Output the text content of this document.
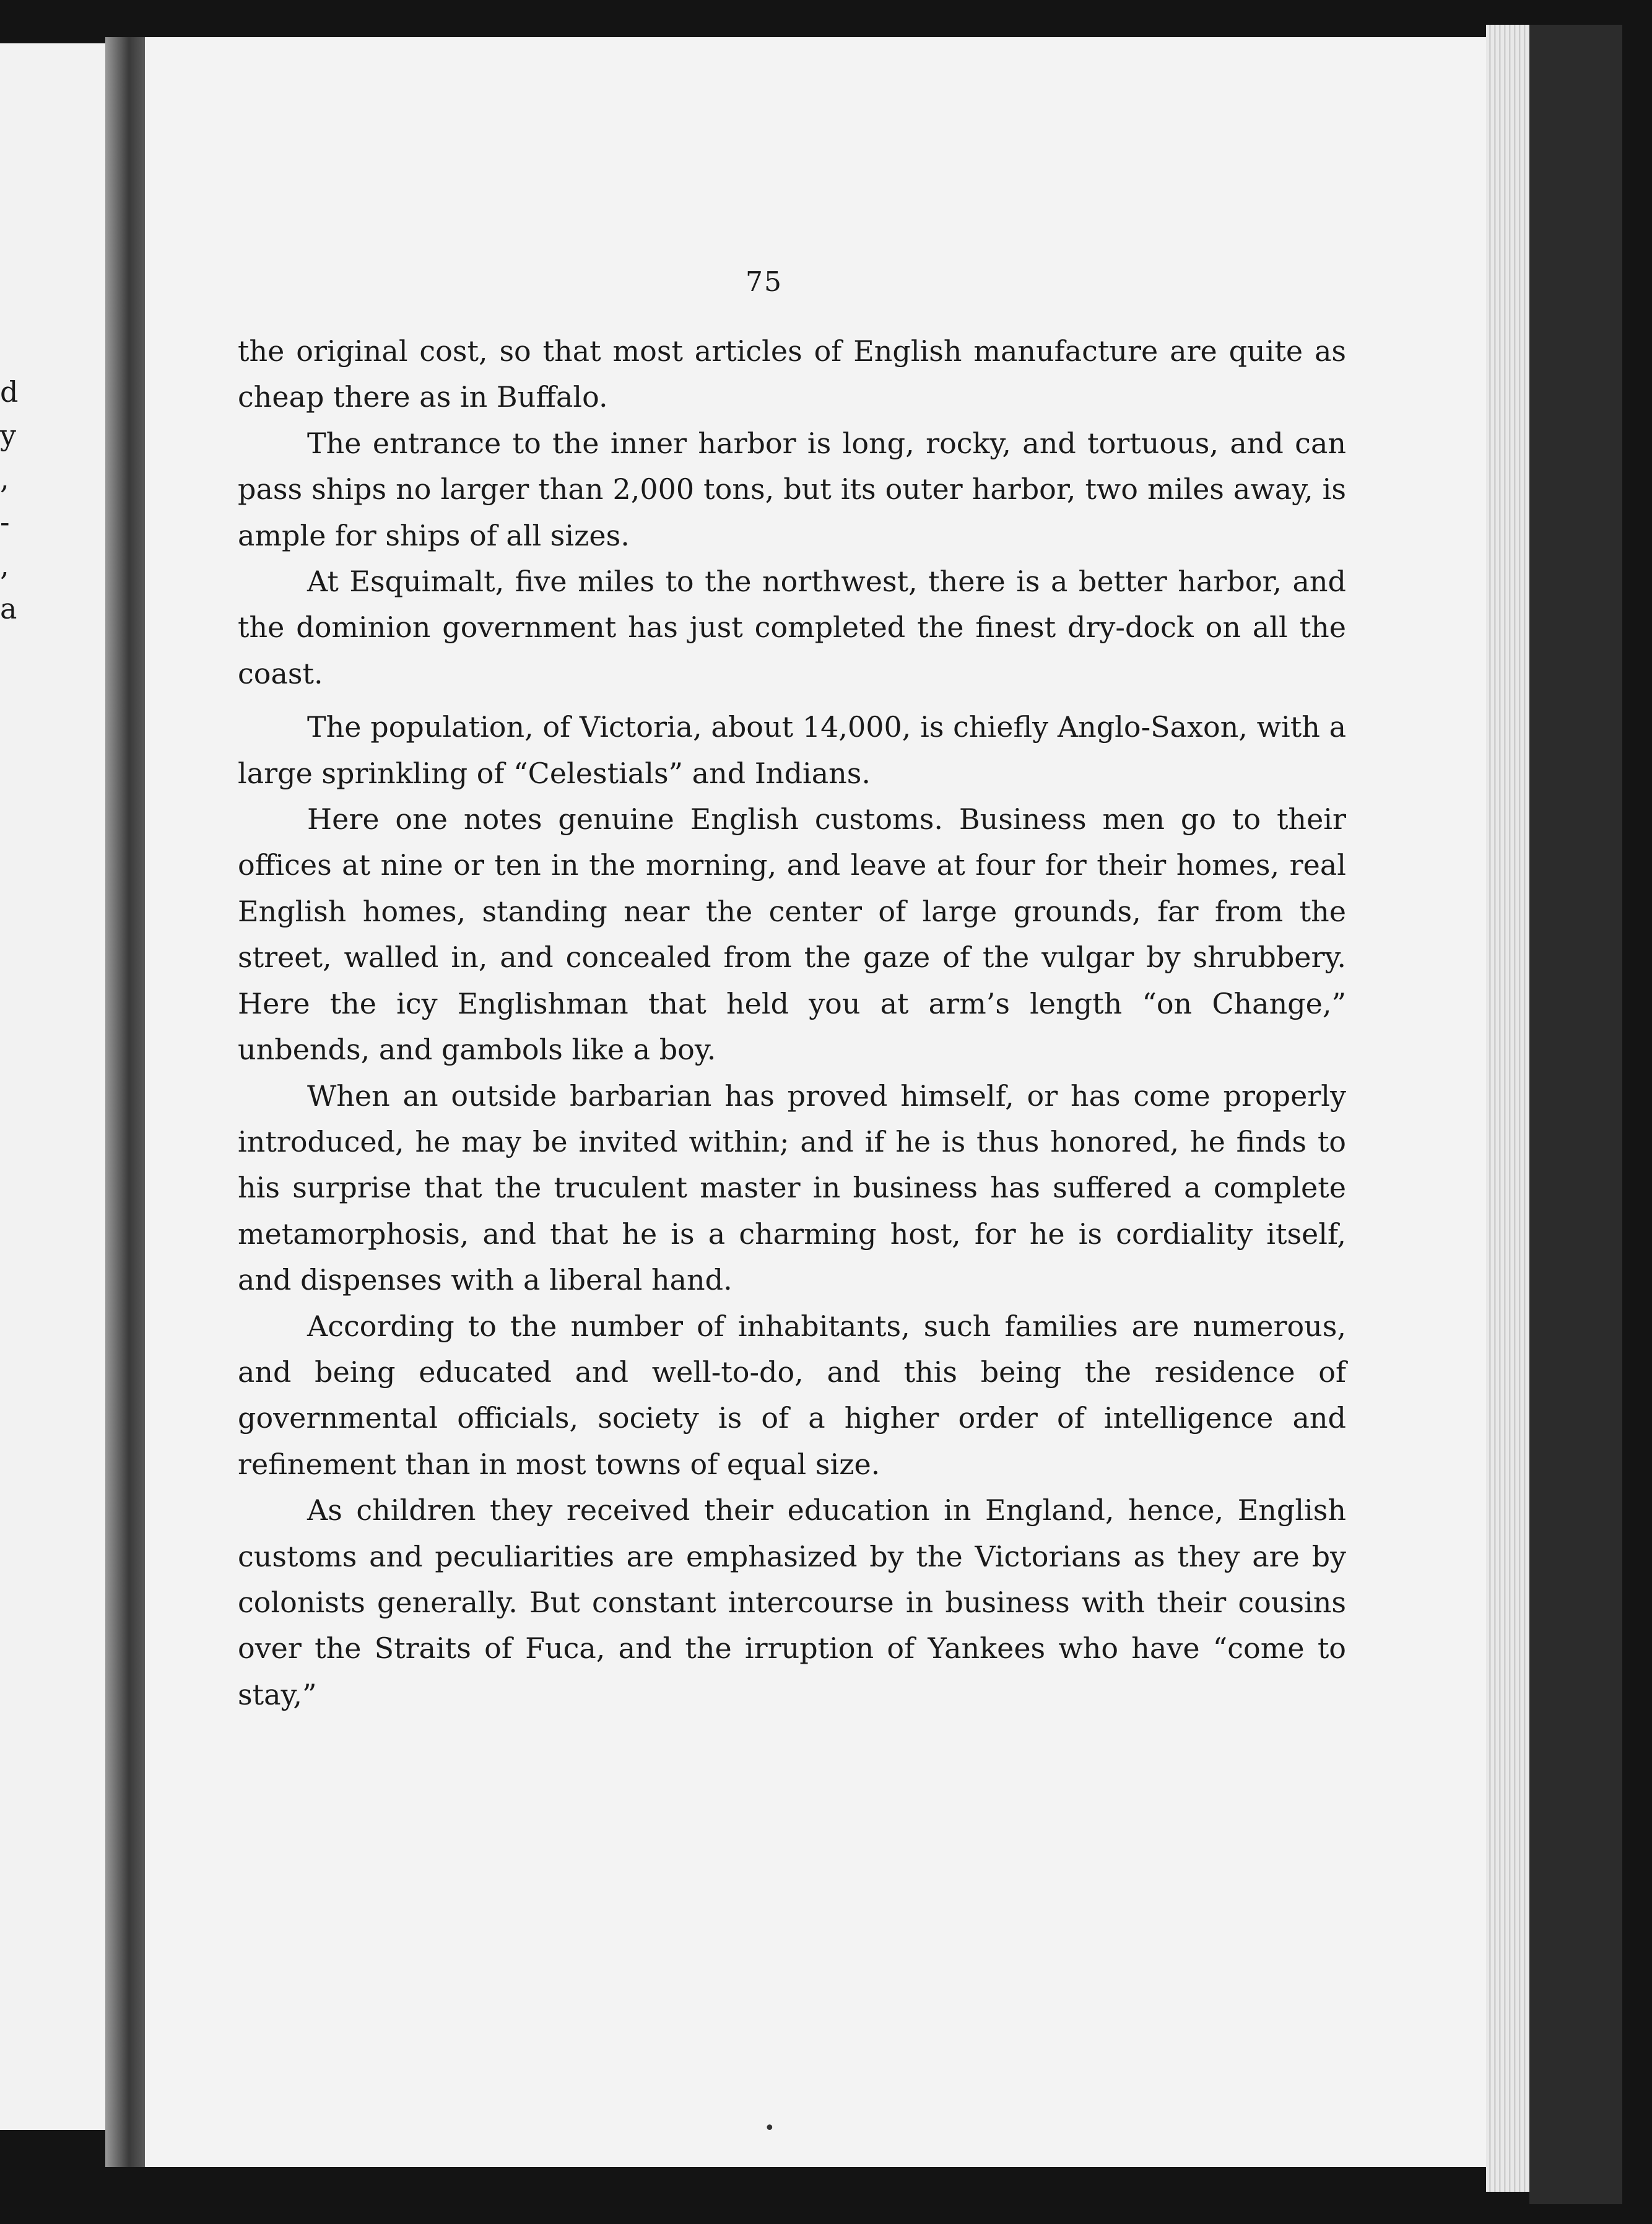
d
y
,
-
,
a
75

the original cost, so that most articles of English manufacture are quite as cheap there as in Buffalo.

The entrance to the inner harbor is long, rocky, and tortuous, and can pass ships no larger than 2,000 tons, but its outer harbor, two miles away, is ample for ships of all sizes.

At Esquimalt, five miles to the northwest, there is a better harbor, and the dominion government has just completed the finest dry-dock on all the coast.

The population, of Victoria, about 14,000, is chiefly Anglo-Saxon, with a large sprinkling of “Celestials” and Indians.

Here one notes genuine English customs. Business men go to their offices at nine or ten in the morning, and leave at four for their homes, real English homes, standing near the center of large grounds, far from the street, walled in, and concealed from the gaze of the vulgar by shrubbery. Here the icy Englishman that held you at arm’s length “on Change,” unbends, and gambols like a boy.

When an outside barbarian has proved himself, or has come properly introduced, he may be invited within; and if he is thus honored, he finds to his surprise that the truculent master in business has suffered a complete metamorphosis, and that he is a charming host, for he is cordiality itself, and dispenses with a liberal hand.

According to the number of inhabitants, such families are numerous, and being educated and well-to-do, and this being the residence of governmental officials, society is of a higher order of intelligence and refinement than in most towns of equal size.

As children they received their education in England, hence, English customs and peculiarities are emphasized by the Victorians as they are by colonists generally. But constant intercourse in business with their cousins over the Straits of Fuca, and the irruption of Yankees who have “come to stay,”

•
